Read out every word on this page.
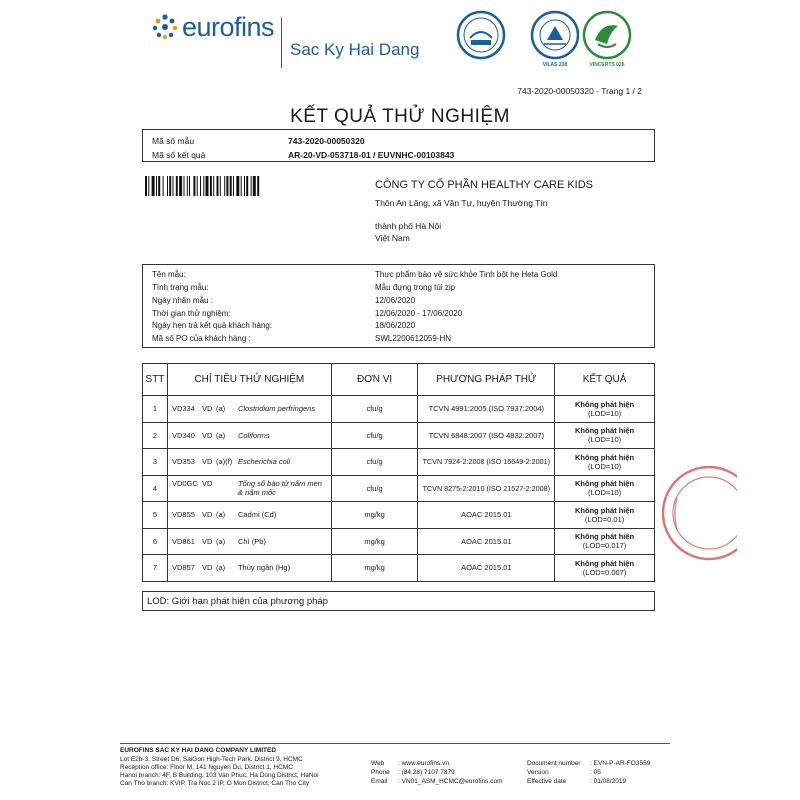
eurofins
Sac Ky Hai Dang
VILAS 238	VINCERTS 026
743-2020-00050320 - Trang 1 / 2
KẾT QUẢ THỬ NGHIỆM
Mã số mẫu	743-2020-00050320
Mã số kết quả	AR-20-VD-053718-01 / EUVNHC-00103843
CÔNG TY CỔ PHẦN HEALTHY CARE KIDS
Thôn An Lãng, xã Văn Tự, huyện Thường Tín
thành phố Hà Nội
Việt Nam
Tên mẫu:	Thực phẩm bảo vệ sức khỏe Tinh bột hẹ Heta Gold
Tình trạng mẫu:	Mẫu đựng trong túi zip
Ngày nhận mẫu :	12/06/2020
Thời gian thử nghiệm:	12/06/2020 - 17/06/2020
Ngày hẹn trả kết quả khách hàng:	18/06/2020
Mã số PO của khách hàng :	SWL2200612059-HN
STT	CHỈ TIÊU THỬ NGHIỆM	ĐƠN VỊ	PHƯƠNG PHÁP THỬ	KẾT QUẢ
1	VD334 VD (a) Clostridium perfringens	cfu/g	TCVN 4991:2005 (ISO 7937:2004)	Không phát hiện
(LOD=10)

2	VD340 VD (a) Coliforms	cfu/g	TCVN 6848:2007 (ISO 4832:2007)	Không phát hiện
(LOD=10)

3	VD353 VD (a)(f) Escherichia coli	cfu/g	TCVN 7924-2:2008 (ISO 16649-2:2001)	Không phát hiện
(LOD=10)

4	VD0GC VD Tổng số bào tử nấm men & nấm mốc	cfu/g	TCVN 8275-2:2010 (ISO 21527-2:2008)	Không phát hiện
(LOD=10)

5	VD855 VD (a) Cadmi (Cd)	mg/kg	AOAC 2015.01	Không phát hiện
(LOD=0.01)

6	VD861 VD (a) Chì (Pb)	mg/kg	AOAC 2015.01	Không phát hiện
(LOD=0.017)

7	VD857 VD (a) Thủy ngân (Hg)	mg/kg	AOAC 2015.01	Không phát hiện
(LOD=0.007)
LOD: Giới hạn phát hiện của phương pháp
EUROFINS SAC KY HAI DANG COMPANY LIMITED
Lot E2b-3, Street D6, SaiGon High-Tech Park, District 9, HCMC
Reception office: Floor M, 141 Nguyen Du, District 1, HCMC
Hanoi branch: 4F, B Building, 103 Van Phuc, Ha Dong District, HaNoi
Can Tho branch: KVIP, Tra Noc 2 IP, O Mon District, Can Tho City
Web : www.eurofins.vn
Phone : (84.28) 7107 7879
Email : VN01_ASM_HCMC@eurofins.com
Document number : EVN-P-AR-FO3559
Version	: 05
Effective date	: 01/08/2019
